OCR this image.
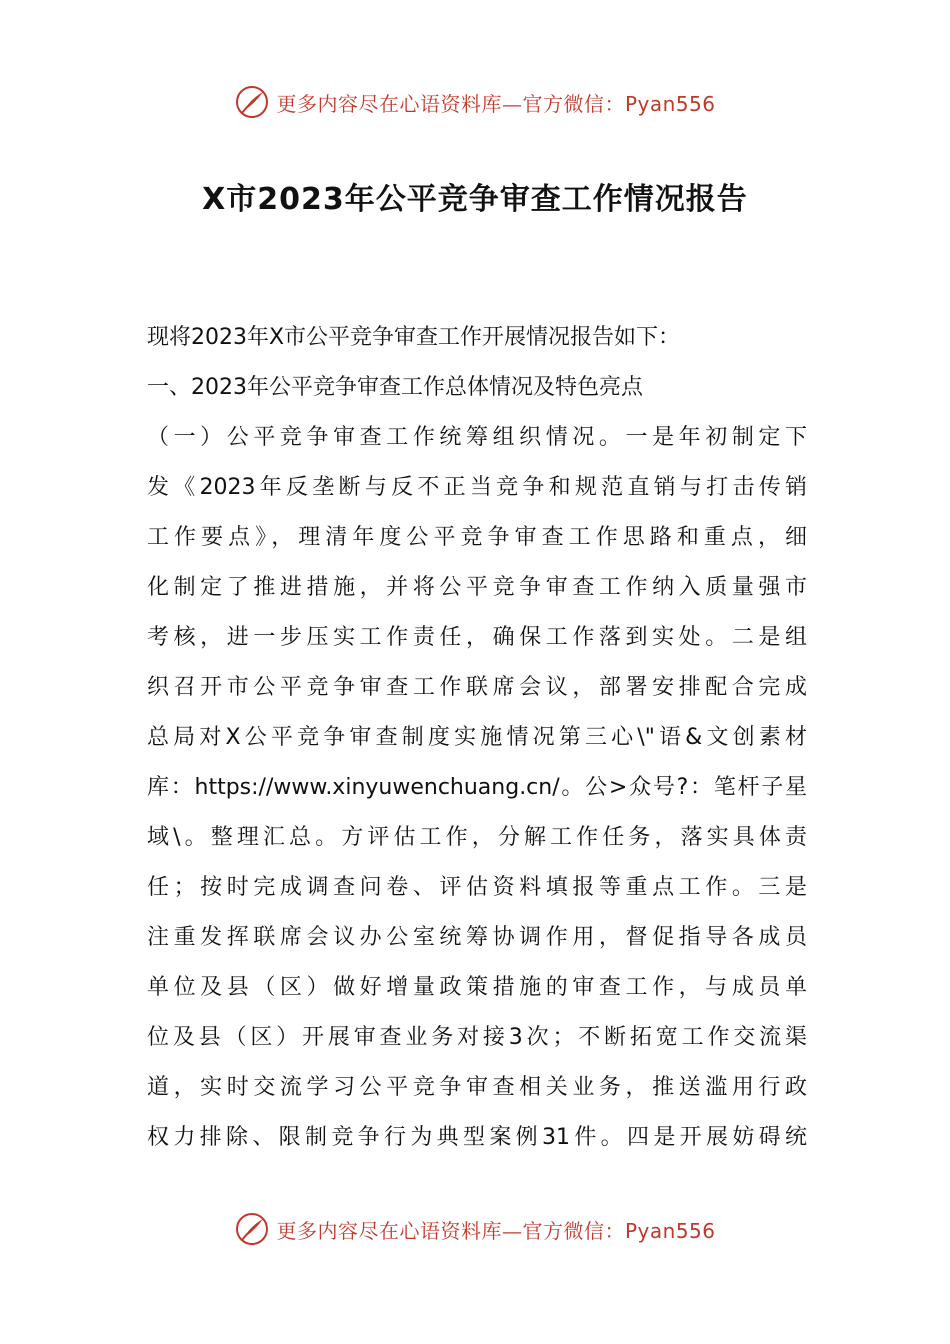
更多内容尽在心语资料库—官方微信：Pyan556
X市2023年公平竞争审查工作情况报告
现将2023年X市公平竞争审查工作开展情况报告如下：
一、2023年公平竞争审查工作总体情况及特色亮点
（一）公平竞争审查工作统筹组织情况。一是年初制定下
发《2023年反垄断与反不正当竞争和规范直销与打击传销
工作要点》，理清年度公平竞争审查工作思路和重点，细
化制定了推进措施，并将公平竞争审查工作纳入质量强市
考核，进一步压实工作责任，确保工作落到实处。二是组
织召开市公平竞争审查工作联席会议，部署安排配合完成
总局对X公平竞争审查制度实施情况第三心\"语&文创素材
库：https://www.xinyuwenchuang.cn/。公>众号?：笔杆子星
域\。整理汇总。方评估工作，分解工作任务，落实具体责
任；按时完成调查问卷、评估资料填报等重点工作。三是
注重发挥联席会议办公室统筹协调作用，督促指导各成员
单位及县（区）做好增量政策措施的审查工作，与成员单
位及县（区）开展审查业务对接3次；不断拓宽工作交流渠
道，实时交流学习公平竞争审查相关业务，推送滥用行政
权力排除、限制竞争行为典型案例31件。四是开展妨碍统
更多内容尽在心语资料库—官方微信：Pyan556
